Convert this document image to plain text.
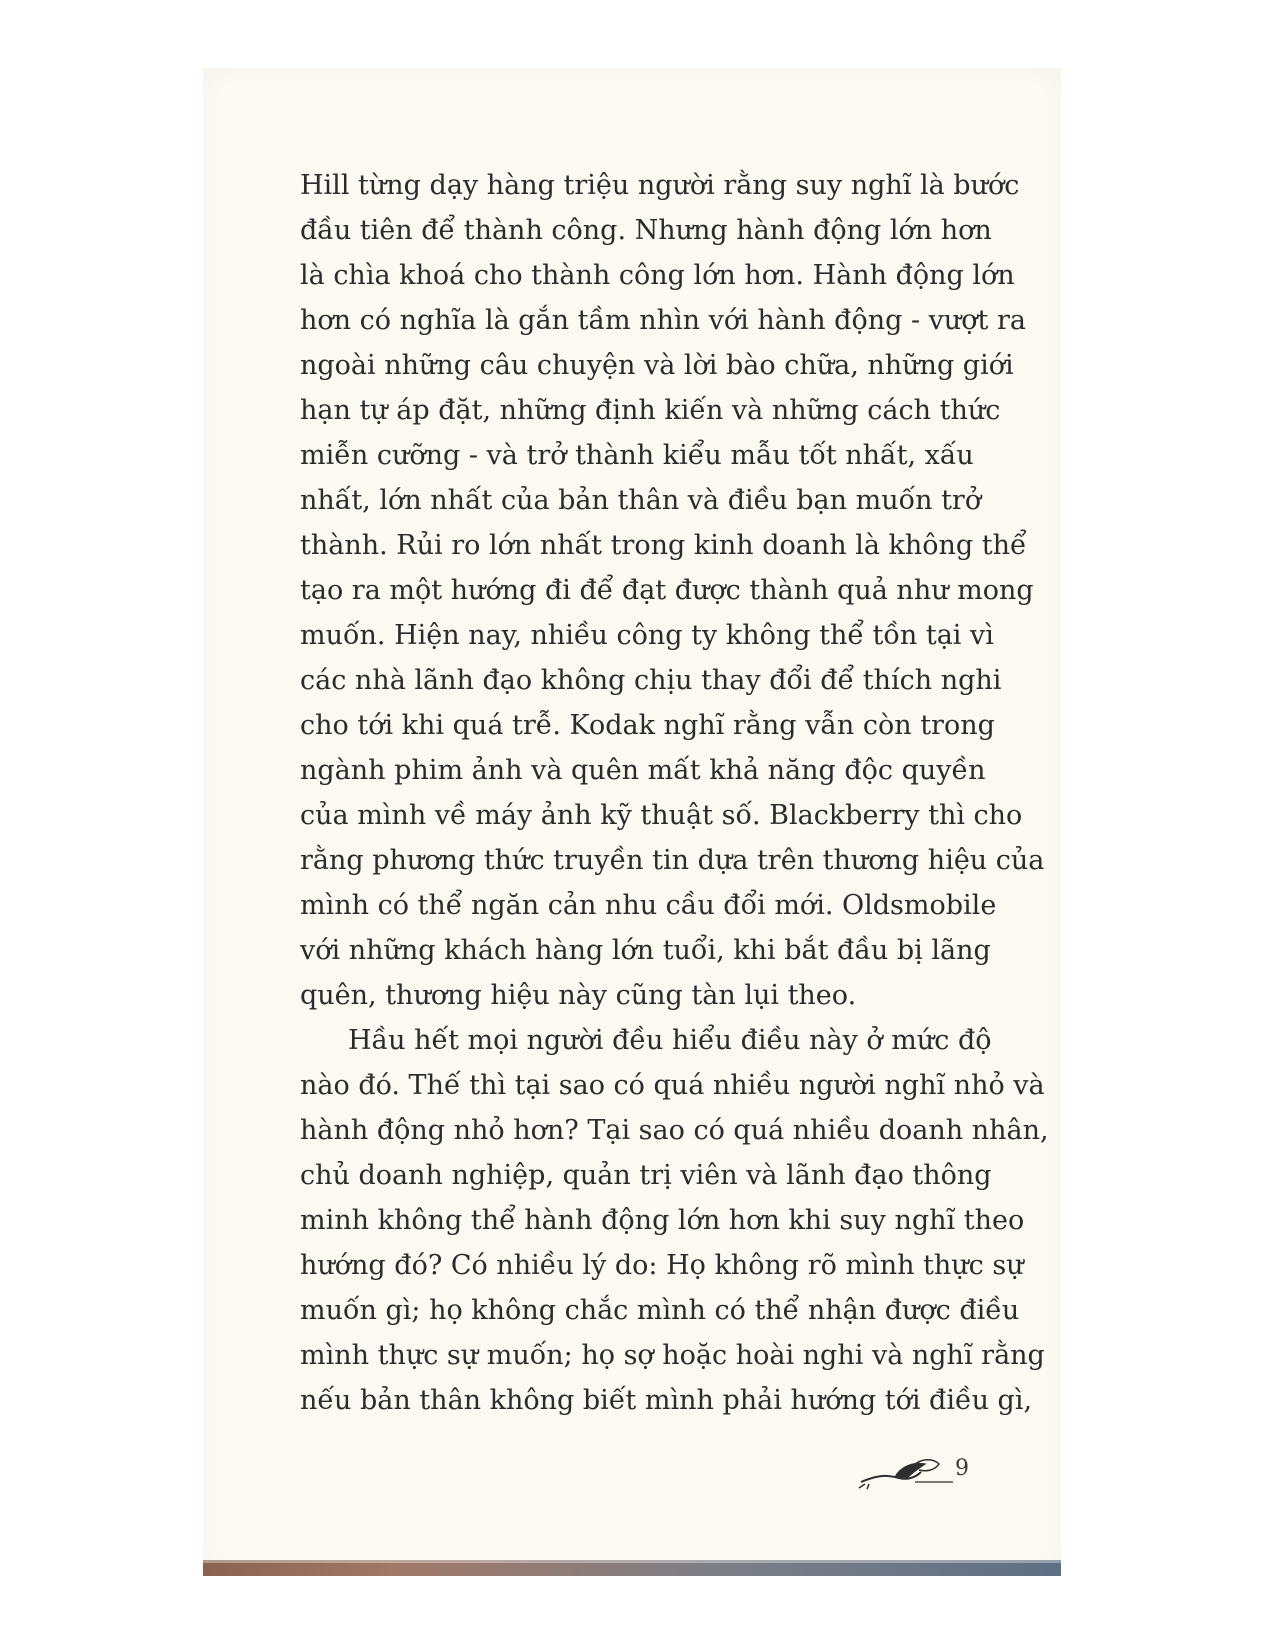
Hill từng dạy hàng triệu người rằng suy nghĩ là bước
đầu tiên để thành công. Nhưng hành động lớn hơn
là chìa khoá cho thành công lớn hơn. Hành động lớn
hơn có nghĩa là gắn tầm nhìn với hành động - vượt ra
ngoài những câu chuyện và lời bào chữa, những giới
hạn tự áp đặt, những định kiến và những cách thức
miễn cưỡng - và trở thành kiểu mẫu tốt nhất, xấu
nhất, lớn nhất của bản thân và điều bạn muốn trở
thành. Rủi ro lớn nhất trong kinh doanh là không thể
tạo ra một hướng đi để đạt được thành quả như mong
muốn. Hiện nay, nhiều công ty không thể tồn tại vì
các nhà lãnh đạo không chịu thay đổi để thích nghi
cho tới khi quá trễ. Kodak nghĩ rằng vẫn còn trong
ngành phim ảnh và quên mất khả năng độc quyền
của mình về máy ảnh kỹ thuật số. Blackberry thì cho
rằng phương thức truyền tin dựa trên thương hiệu của
mình có thể ngăn cản nhu cầu đổi mới. Oldsmobile
với những khách hàng lớn tuổi, khi bắt đầu bị lãng
quên, thương hiệu này cũng tàn lụi theo.
Hầu hết mọi người đều hiểu điều này ở mức độ
nào đó. Thế thì tại sao có quá nhiều người nghĩ nhỏ và
hành động nhỏ hơn? Tại sao có quá nhiều doanh nhân,
chủ doanh nghiệp, quản trị viên và lãnh đạo thông
minh không thể hành động lớn hơn khi suy nghĩ theo
hướng đó? Có nhiều lý do: Họ không rõ mình thực sự
muốn gì; họ không chắc mình có thể nhận được điều
mình thực sự muốn; họ sợ hoặc hoài nghi và nghĩ rằng
nếu bản thân không biết mình phải hướng tới điều gì,
9
